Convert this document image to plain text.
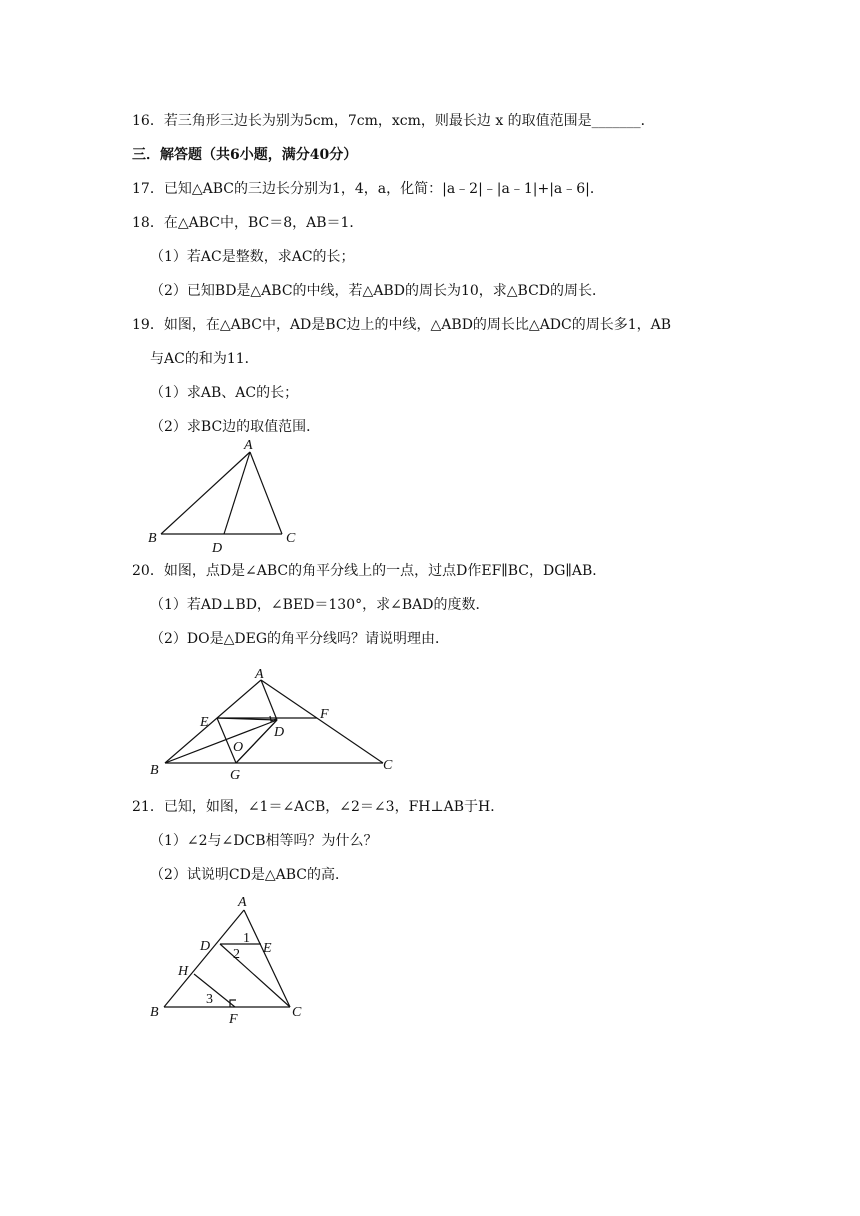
16．若三角形三边长为别为5cm，7cm，xcm，则最长边 x 的取值范围是_______．
三．解答题（共6小题，满分40分）
17．已知△ABC的三边长分别为1，4，a，化简：|a﹣2|﹣|a﹣1|+|a﹣6|．
18．在△ABC中，BC＝8，AB＝1．
（1）若AC是整数，求AC的长；
（2）已知BD是△ABC的中线，若△ABD的周长为10，求△BCD的周长．
19．如图，在△ABC中，AD是BC边上的中线，△ABD的周长比△ADC的周长多1，AB
与AC的和为11．
（1）求AB、AC的长；
（2）求BC边的取值范围．
A
B	C
D
20．如图，点D是∠ABC的角平分线上的一点，过点D作EF∥BC，DG∥AB．
（1）若AD⊥BD，∠BED＝130°，求∠BAD的度数．
（2）DO是△DEG的角平分线吗？请说明理由．
A
B	C
D
E
F
G
O
21．已知，如图，∠1＝∠ACB，∠2＝∠3，FH⊥AB于H．
（1）∠2与∠DCB相等吗？为什么？
（2）试说明CD是△ABC的高．
A
B	C
D	E
F
H
1
2
3
